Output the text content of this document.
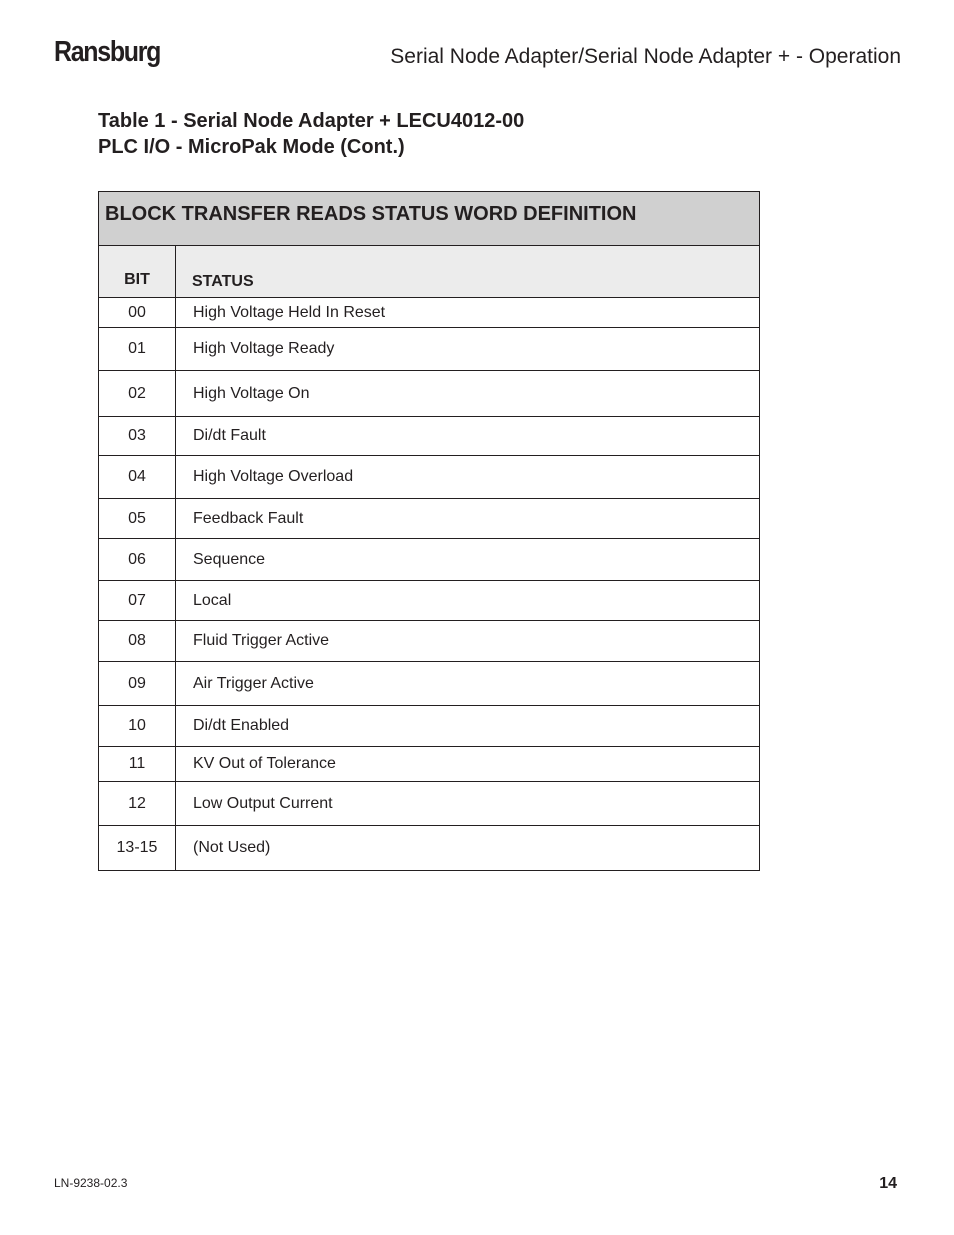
Ransburg	Serial Node Adapter/Serial Node Adapter + - Operation
Table 1 - Serial Node Adapter + LECU4012-00
PLC I/O - MicroPak Mode (Cont.)
BLOCK TRANSFER READS STATUS WORD DEFINITION
BIT	STATUS
00	High Voltage Held In Reset
01	High Voltage Ready
02	High Voltage On
03	Di/dt Fault
04	High Voltage Overload
05	Feedback Fault
06	Sequence
07	Local
08	Fluid Trigger Active
09	Air Trigger Active
10	Di/dt Enabled
11	KV Out of Tolerance
12	Low Output Current
13-15	(Not Used)
LN-9238-02.3	14
